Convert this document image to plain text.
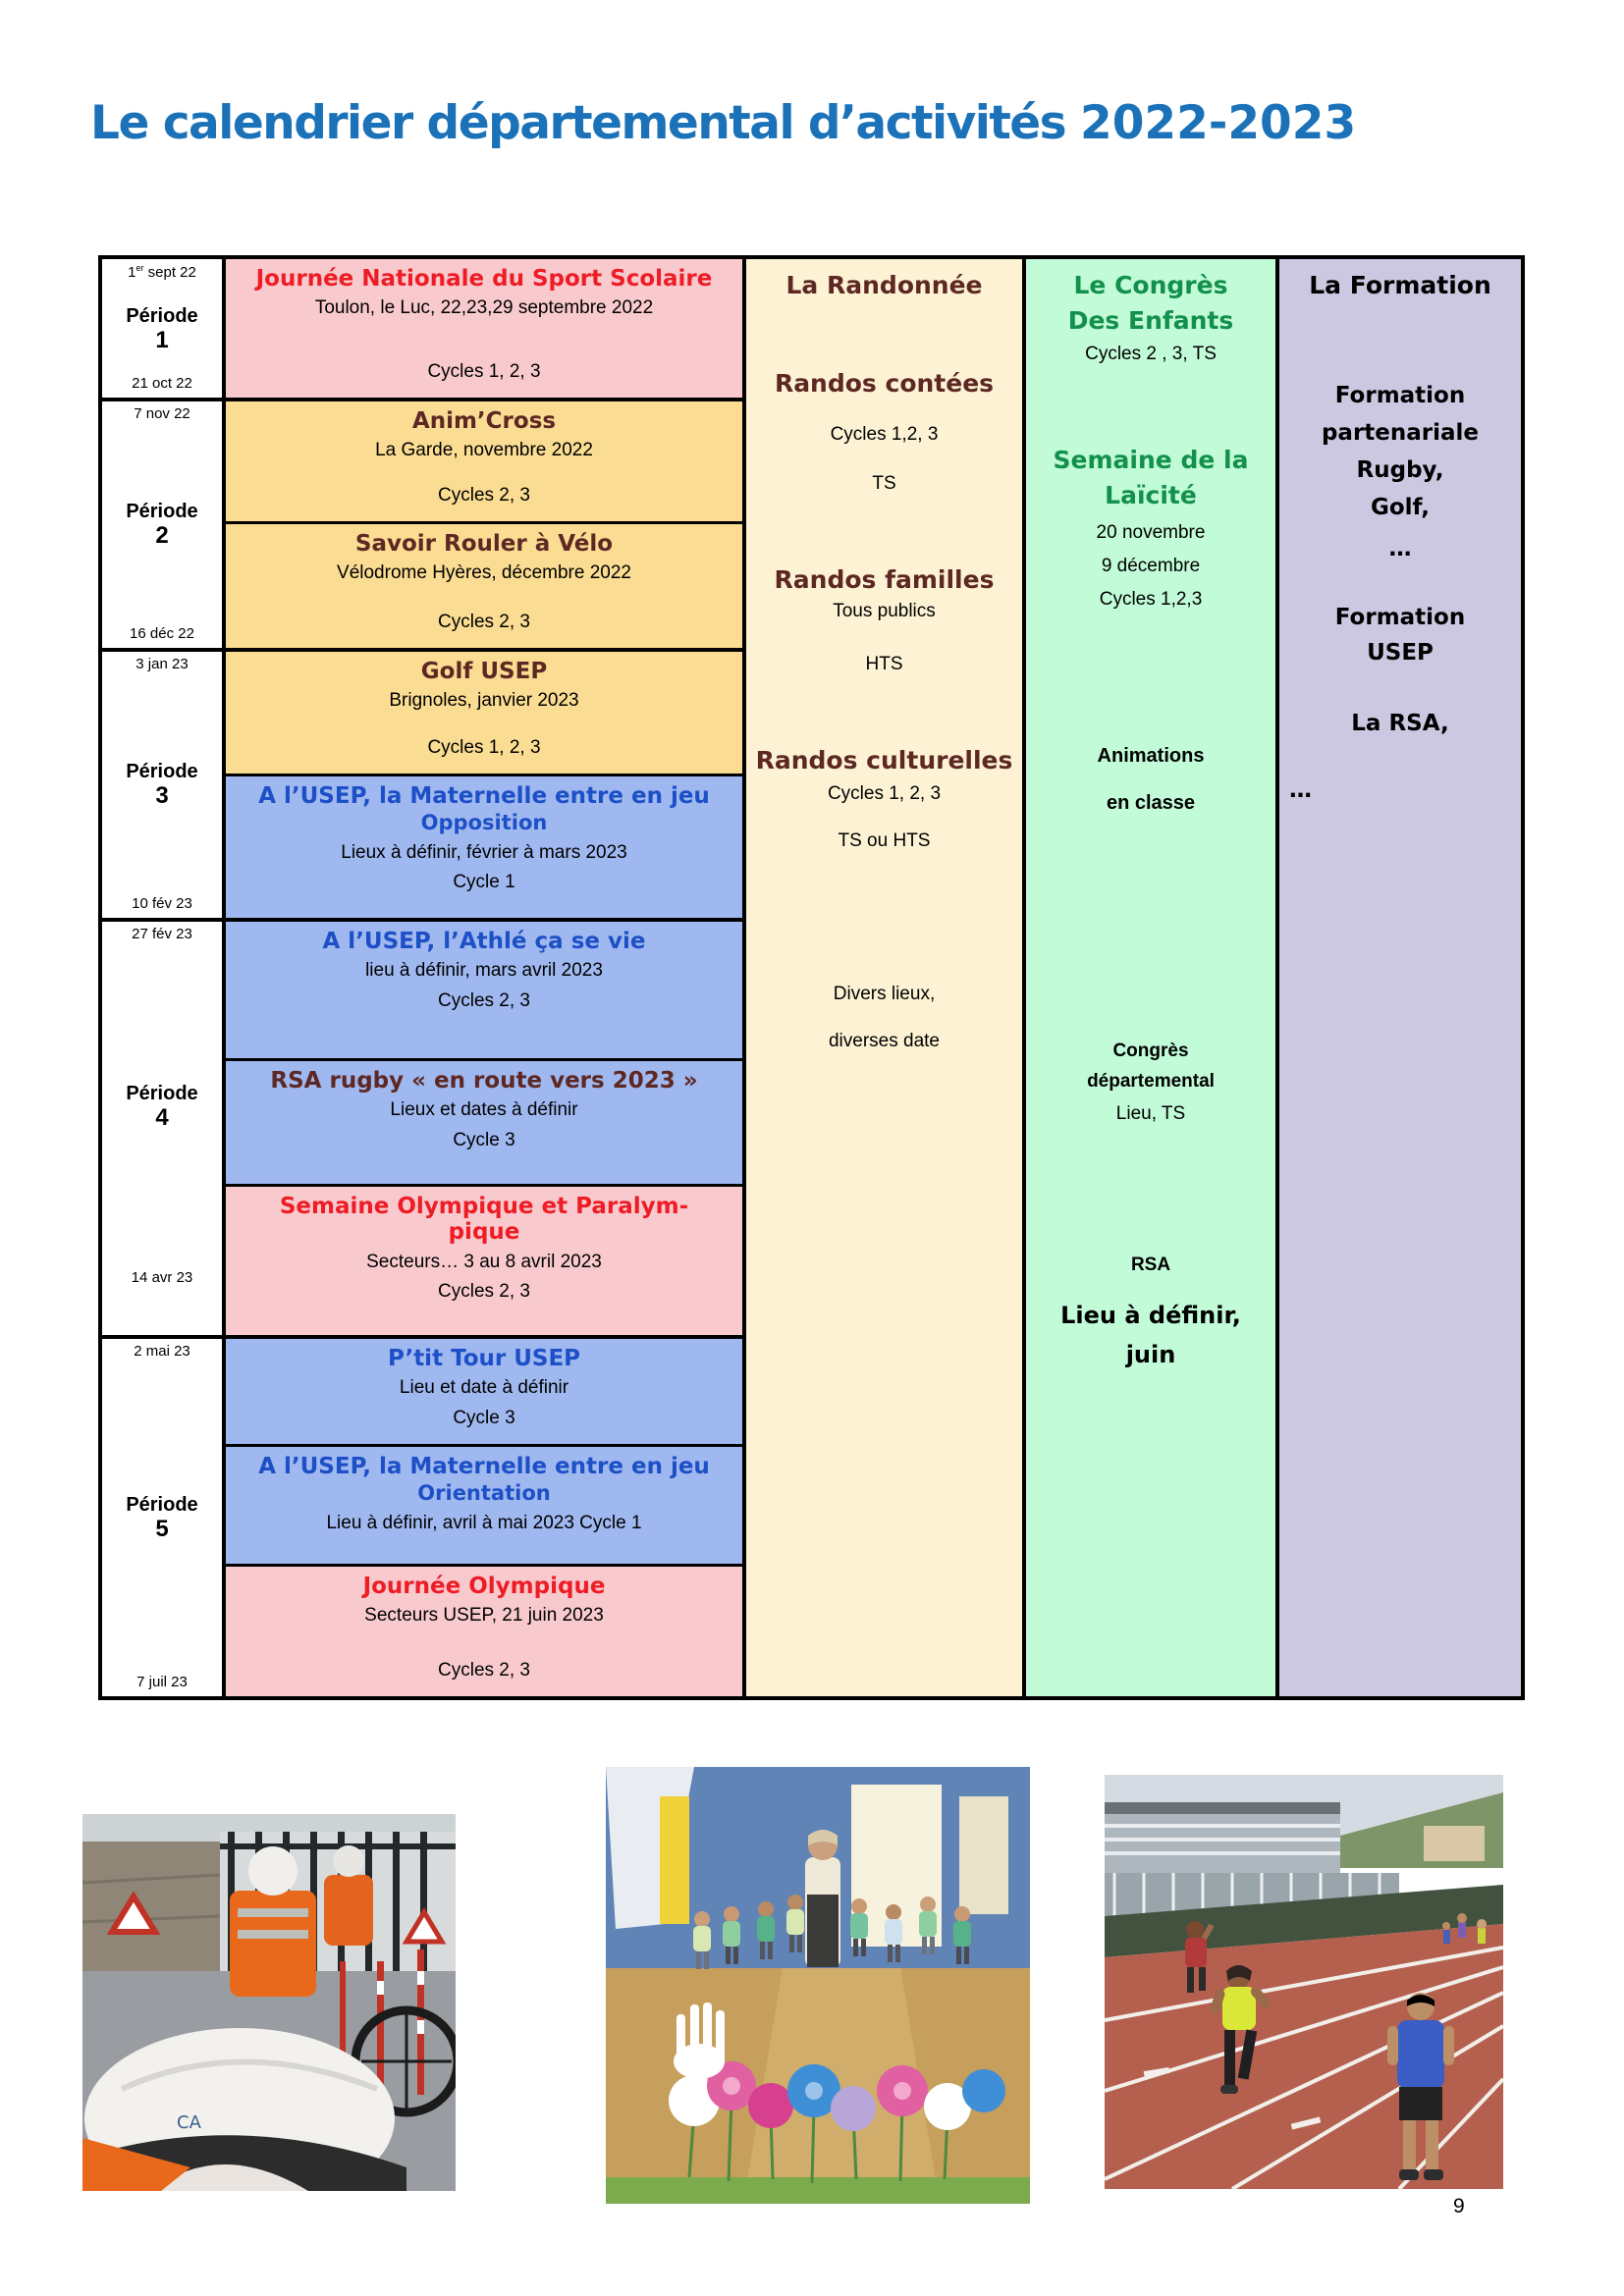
Le calendrier départemental d’activités 2022-2023
1er sept 22
Période
1
21 oct 22
7 nov 22
Période
2
16 déc 22
3 jan 23
Période
3
10 fév 23
27 fév 23
Période
4
14 avr 23
2 mai 23
Période
5
7 juil 23
Journée Nationale du Sport Scolaire
Toulon, le Luc, 22,23,29 septembre 2022
Cycles 1, 2, 3
Anim’Cross
La Garde, novembre 2022
Cycles 2, 3
Savoir Rouler à Vélo
Vélodrome Hyères, décembre 2022
Cycles 2, 3
Golf USEP
Brignoles, janvier 2023
Cycles 1, 2, 3
A l’USEP, la Maternelle entre en jeu
Opposition
Lieux à définir, février à mars 2023
Cycle 1
A l’USEP, l’Athlé ça se vie
lieu à définir, mars avril 2023
Cycles 2, 3
RSA rugby « en route vers 2023 »
Lieux et dates à définir
Cycle 3
Semaine Olympique et Paralym-
pique
Secteurs… 3 au 8 avril 2023
Cycles 2, 3
P’tit Tour USEP
Lieu et date à définir
Cycle 3
A l’USEP, la Maternelle entre en jeu
Orientation
Lieu à définir, avril à mai 2023 Cycle 1
Journée Olympique
Secteurs USEP, 21 juin 2023
Cycles 2, 3
La Randonnée
Randos contées
Cycles 1,2, 3
TS
Randos familles
Tous publics
HTS
Randos culturelles
Cycles 1, 2, 3
TS ou HTS
Divers lieux,
diverses date
Le Congrès
Des Enfants
Cycles 2 , 3, TS
Semaine de la
Laïcité
20 novembre
9 décembre
Cycles 1,2,3
Animations
en classe
Congrès
départemental
Lieu, TS
RSA
Lieu à définir,
juin
La Formation
Formation
partenariale
Rugby,
Golf,
…
Formation
USEP
La RSA,
…
CA
9
